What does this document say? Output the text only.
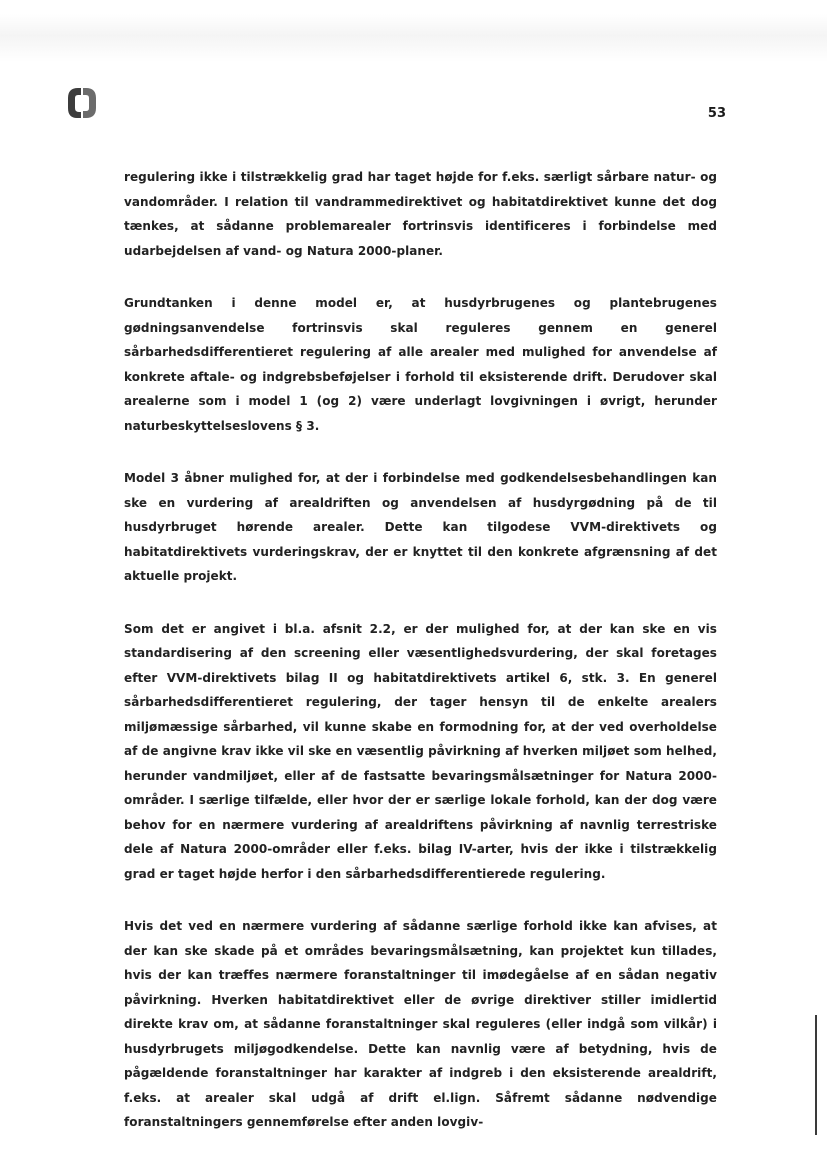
53

regulering ikke i tilstrækkelig grad har taget højde for f.eks. særligt sårbare natur- og vandområder. I relation til vandrammedirektivet og habitatdirektivet kunne det dog tænkes, at sådanne problemarealer fortrinsvis identificeres i forbindelse med udarbejdelsen af vand- og Natura 2000-planer.

Grundtanken i denne model er, at husdyrbrugenes og plantebrugenes gødningsanvendelse fortrinsvis skal reguleres gennem en generel sårbarhedsdifferentieret regulering af alle arealer med mulighed for anvendelse af konkrete aftale- og indgrebsbeføjelser i forhold til eksisterende drift. Derudover skal arealerne som i model 1 (og 2) være underlagt lovgivningen i øvrigt, herunder naturbeskyttelseslovens § 3.

Model 3 åbner mulighed for, at der i forbindelse med godkendelsesbehandlingen kan ske en vurdering af arealdriften og anvendelsen af husdyrgødning på de til husdyrbruget hørende arealer. Dette kan tilgodese VVM-direktivets og habitatdirektivets vurderingskrav, der er knyttet til den konkrete afgrænsning af det aktuelle projekt.

Som det er angivet i bl.a. afsnit 2.2, er der mulighed for, at der kan ske en vis standardisering af den screening eller væsentlighedsvurdering, der skal foretages efter VVM-direktivets bilag II og habitatdirektivets artikel 6, stk. 3. En generel sårbarhedsdifferentieret regulering, der tager hensyn til de enkelte arealers miljømæssige sårbarhed, vil kunne skabe en formodning for, at der ved overholdelse af de angivne krav ikke vil ske en væsentlig påvirkning af hverken miljøet som helhed, herunder vandmiljøet, eller af de fastsatte bevaringsmålsætninger for Natura 2000-områder. I særlige tilfælde, eller hvor der er særlige lokale forhold, kan der dog være behov for en nærmere vurdering af arealdriftens påvirkning af navnlig terrestriske dele af Natura 2000-områder eller f.eks. bilag IV-arter, hvis der ikke i tilstrækkelig grad er taget højde herfor i den sårbarhedsdifferentierede regulering.

Hvis det ved en nærmere vurdering af sådanne særlige forhold ikke kan afvises, at der kan ske skade på et områdes bevaringsmålsætning, kan projektet kun tillades, hvis der kan træffes nærmere foranstaltninger til imødegåelse af en sådan negativ påvirkning. Hverken habitatdirektivet eller de øvrige direktiver stiller imidlertid direkte krav om, at sådanne foranstaltninger skal reguleres (eller indgå som vilkår) i husdyrbrugets miljøgodkendelse. Dette kan navnlig være af betydning, hvis de pågældende foranstaltninger har karakter af indgreb i den eksisterende arealdrift, f.eks. at arealer skal udgå af drift el.lign. Såfremt sådanne nødvendige foranstaltningers gennemførelse efter anden lovgiv-
